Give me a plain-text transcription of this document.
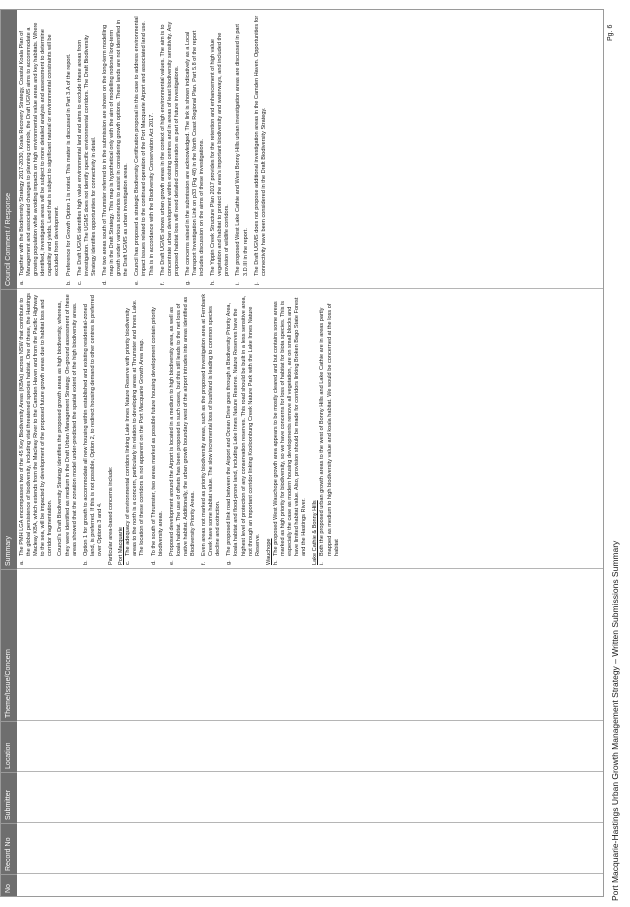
No
Record No
Submitter
Location
Theme/Issue/Concern
Summary
Council Comment / Response
a.
The PMH LGA encompasses two of the 45 Key Biodiversity Areas (KBAs) across NSW that contribute to the global persistence of biodiversity, including vital threatened species habitat. One of these, the Hastings Macleay KBA, which extends from the Macleay River to the Camden Haven and from the Pacific Highway to the sea, will be impacted by development of the proposed future growth areas due to habitat loss and corridor fragmentation. Council's Draft Biodiversity Strategy identifies the proposed growth areas as high biodiversity, whereas, they were identified as medium in the Draft Urban Management Strategy. On-ground assessment of these areas showed that the zonation model under-predicted the spatial extent of the high biodiversity areas.
b.
Option 1 for growth to accommodate all new housing within established and existing residential-zoned land, is preferred. If this is not possible, Option 2, to redirect housing demand to other centres is preferred over Options 3 and 4. Particular area-based concerns include: Port Macquarie c.
The adequacy of environmental corridors linking Lake Innes Nature Reserve with priority biodiversity areas to the north is a concern, particularly in relation to developing areas at Thrumster and Innes Lake. The location of these corridors is not apparent on the Port Macquarie Growth Area map.
d.
To the south of Thrumster, two areas marked as possible future housing development contain priority biodiversity areas.
e.
Proposed development around the Airport is located in a medium to high biodiversity area, as well as koala habitat. The use of offsets has been proposed in such cases, but this still leads to the net loss of native habitat. Additionally, the urban growth boundary west of the airport intrudes into areas identified as Biodiversity Priority Areas.
f.
Even areas not marked as priority biodiversity areas, such as the proposed investigation area at Fernbank Creek have some habitat value. The slow incremental loss of bushland is leading to common species decline and extinction.
g.
The proposed link road between the Airport and Ocean Drive goes through a Biodiversity Priority Area, koala habitat and flood-prone land, including Lake Innes Nature Reserve. Nature Reserves have the highest level of protection of any conservation reserves. This road should be built in a less sensitive area, not through an important corridor linking Kooloonbung Creek Nature Park with the Lake Innes Nature Reserve. Wauchope h.
The proposed West Wauchope growth area appears to be mostly cleared and but contains some areas marked as high priority for biodiversity, so we have concerns for loss of habitat for biota species. This is especially the case as modern housing developments remove all vegetation, are on small blocks and have limited habitat value. Also, provision should be made for corridors linking Broken Bago State Forest and the Hastings River. Lake Cathie & Bonny Hills i.
Both the proposed urban growth areas to the west of Bonny Hills and Lake Cathie are in areas partly mapped as medium to high biodiversity value and koala habitat. We would be concerned at the loss of habitat
a.
Together with the Biodiversity Strategy 2017-2030, Koala Recovery Strategy, Coastal Koala Plan of Management and associated changes to planning controls, the Draft UGMS aims to accommodate a growing population while avoiding impacts on high environmental value areas and key habitats. Where identified, investigation areas will be subject to more detailed analysis and assessment to determine capability and yields. Land that is subject to significant natural or environmental constraints will be excluded from development.
b.
Preference for Growth Option 1 is noted. This matter is discussed in Part 3.A of the report.
c.
The Draft UGMS identifies high value environmental land and aims to exclude these areas from investigation. The UGMS does not identify specific environmental corridors. The Draft Biodiversity Strategy identifies opportunities for connectivity in detail.
d.
The two areas south of Thrumster referred to in the submission are shown on the long-term modelling map in the Draft Strategy. This map is hypothetical only with the aim of modelling notional long-term growth under various scenarios to assist in considering growth options. These lands are not identified in the Draft UGMS as urban investigation areas.
e.
Council has proposed a strategic Biodiversity Certification proposal in this case to address environmental impact issues related to the continued operation of the Port Macquarie Airport and associated land use. This is in accordance with the Biodiversity Conservation Act 2017.
f.
The Draft UGMS shows urban growth areas in the context of high environmental values. The aim is to concentrate urban development within existing centres and in areas of least biodiversity sensitivity. Any proposed habitat loss will need detailed consideration as part of future investigations.
g.
The concerns raised in the submission are acknowledged. The link is shown indicatively as a Local Transport Investigation Link on p33 (Fig 48) in the North Coast Regional Plan. Part 5.8 of the report includes discussion on the aims of these investigations.
h.
The Yippin Creek Structure Plan 2017 provides for the retention and enhancement of high value vegetation and habitat to protect the area's important biodiversity and waterways, and included the provision of wildlife corridors.
i.
The proposed West Lake Cathie and West Bonny Hills urban investigation areas are discussed in part 3.D.III in the report.
j.
The Draft UGMS does not propose additional investigation areas in the Camden Haven. Opportunities for connectivity have been considered in the Draft Biodiversity Strategy.
Port Macquarie-Hastings Urban Growth Management Strategy – Written Submissions Summary
Pg. 6
